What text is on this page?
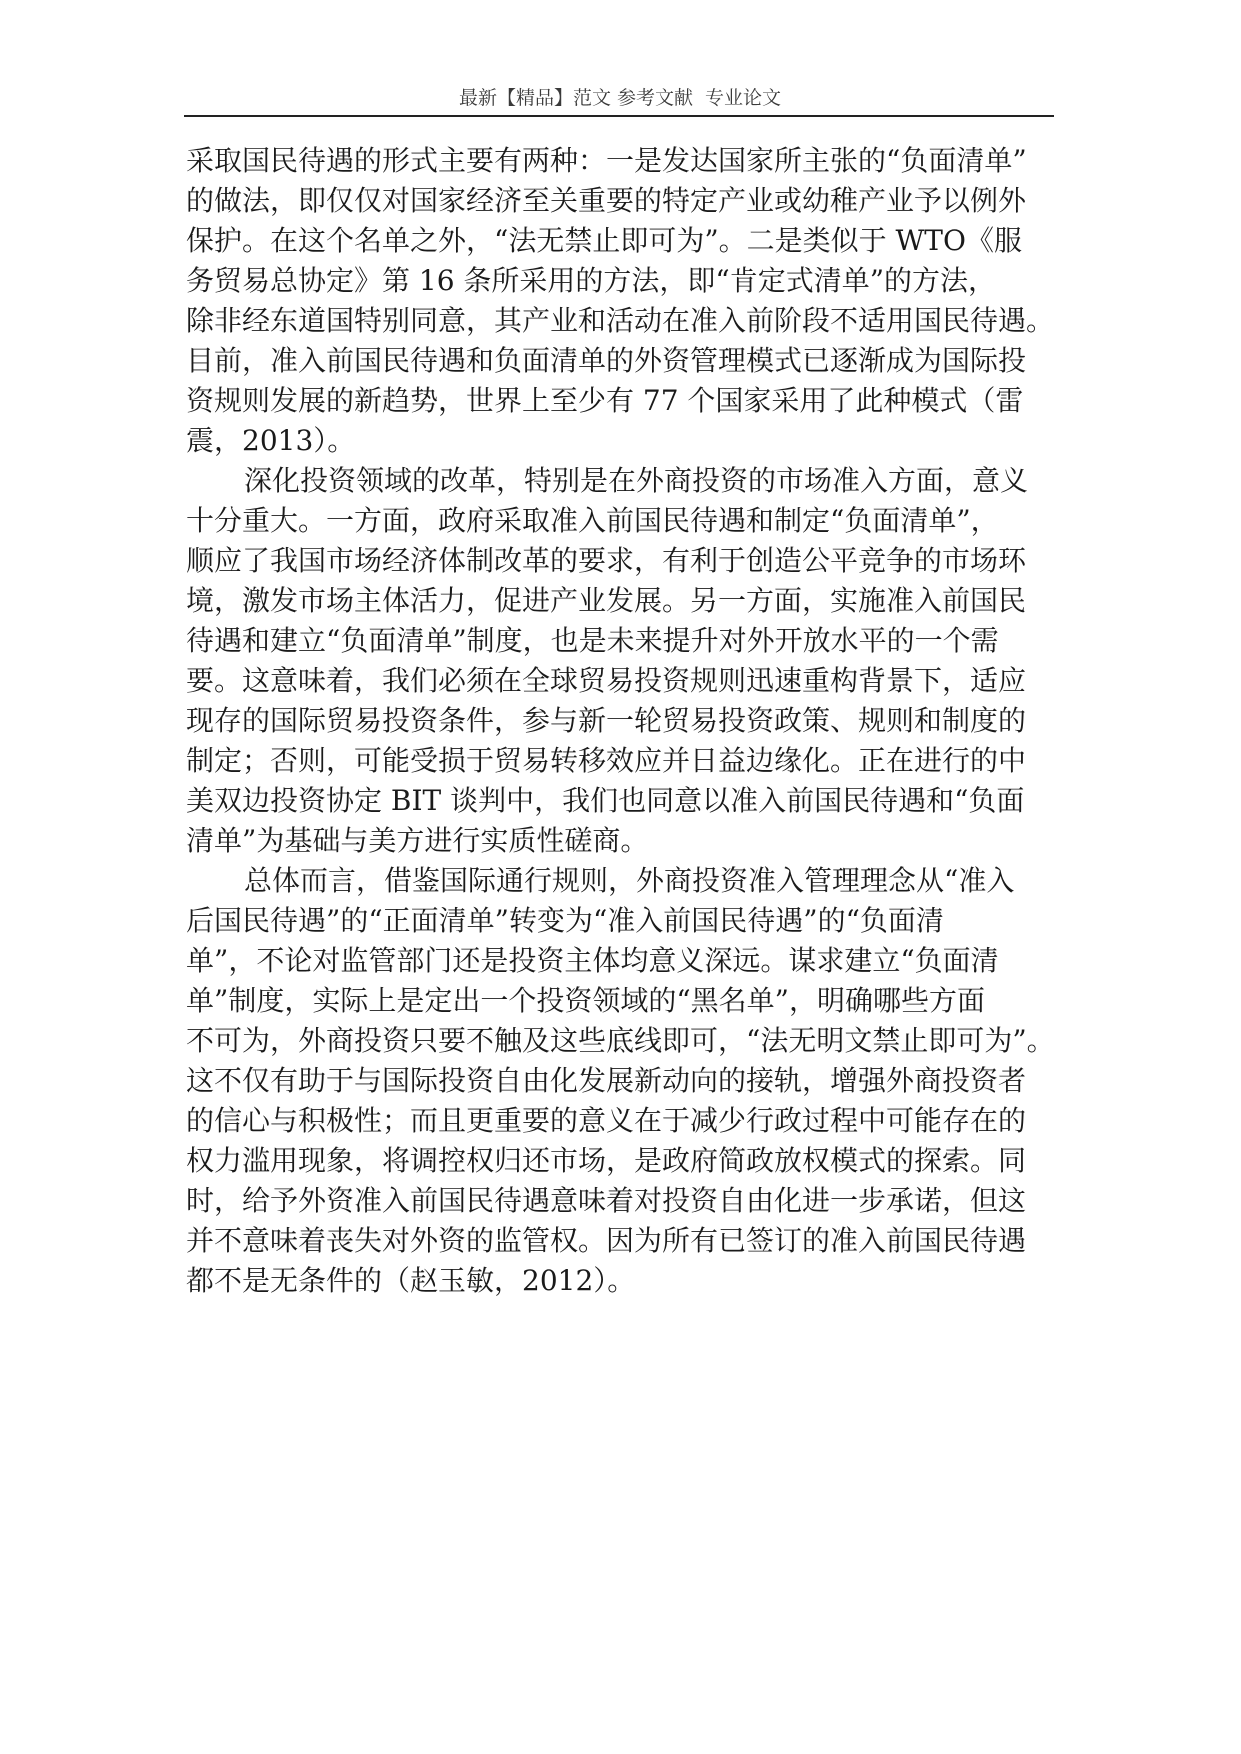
最新【精品】范文 参考文献  专业论文
采取国民待遇的形式主要有两种：一是发达国家所主张的“负面清单”
的做法，即仅仅对国家经济至关重要的特定产业或幼稚产业予以例外
保护。在这个名单之外，“法无禁止即可为”。二是类似于 WTO《服
务贸易总协定》第 16 条所采用的方法，即“肯定式清单”的方法，
除非经东道国特别同意，其产业和活动在准入前阶段不适用国民待遇。
目前，准入前国民待遇和负面清单的外资管理模式已逐渐成为国际投
资规则发展的新趋势，世界上至少有 77 个国家采用了此种模式（雷
震，2013）。
深化投资领域的改革，特别是在外商投资的市场准入方面，意义
十分重大。一方面，政府采取准入前国民待遇和制定“负面清单”，
顺应了我国市场经济体制改革的要求，有利于创造公平竞争的市场环
境，激发市场主体活力，促进产业发展。另一方面，实施准入前国民
待遇和建立“负面清单”制度，也是未来提升对外开放水平的一个需
要。这意味着，我们必须在全球贸易投资规则迅速重构背景下，适应
现存的国际贸易投资条件，参与新一轮贸易投资政策、规则和制度的
制定；否则，可能受损于贸易转移效应并日益边缘化。正在进行的中
美双边投资协定 BIT 谈判中，我们也同意以准入前国民待遇和“负面
清单”为基础与美方进行实质性磋商。
总体而言，借鉴国际通行规则，外商投资准入管理理念从“准入
后国民待遇”的“正面清单”转变为“准入前国民待遇”的“负面清
单”，不论对监管部门还是投资主体均意义深远。谋求建立“负面清
单”制度，实际上是定出一个投资领域的“黑名单”，明确哪些方面
不可为，外商投资只要不触及这些底线即可，“法无明文禁止即可为”。
这不仅有助于与国际投资自由化发展新动向的接轨，增强外商投资者
的信心与积极性；而且更重要的意义在于减少行政过程中可能存在的
权力滥用现象，将调控权归还市场，是政府简政放权模式的探索。同
时，给予外资准入前国民待遇意味着对投资自由化进一步承诺，但这
并不意味着丧失对外资的监管权。因为所有已签订的准入前国民待遇
都不是无条件的（赵玉敏，2012）。
